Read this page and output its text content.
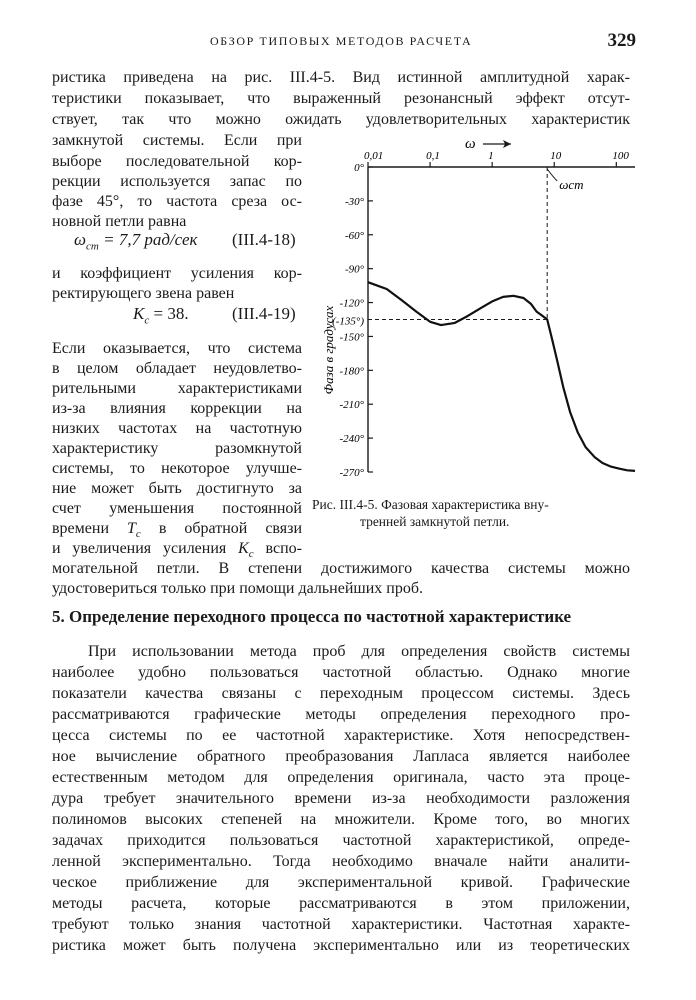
ОБЗОР ТИПОВЫХ МЕТОДОВ РАСЧЕТА	329
ристика приведена на рис. III.4-5. Вид истинной амплитудной харак-
теристики показывает, что выраженный резонансный эффект отсут-
ствует, так что можно ожидать удовлетворительных характеристик
замкнутой системы. Если при
выборе последовательной кор-
рекции используется запас по
фазе 45°, то частота среза ос-
новной петли равна
$\omega_{cm} = 7,7$ рад/сек (III.4-18)
и коэффициент усиления кор-
ректирующего звена равен
$K_c = 38$.	(III.4-19)
Если оказывается, что система
в целом обладает неудовлетво-
рительными характеристиками
из-за влияния коррекции на
низких частотах на частотную
характеристику разомкнутой
системы, то некоторое улучше-
ние может быть достигнуто за
счет уменьшения постоянной
времени $T_c$ в обратной связи
и увеличения усиления $K_c$ вспо-
0,01	0,1	1	10	100
0°
-30°
-60°
-90°
-120°
-150°
-180°
-210°
-240°
-270°
ω
Фаза в градусах
(-135°)
ωcm
Рис. III.4-5. Фазовая характеристика вну-
тренней замкнутой петли.
могательной петли. В степени достижимого качества системы можно
удостовериться только при помощи дальнейших проб.
5. Определение переходного процесса по частотной характеристике
При использовании метода проб для определения свойств системы
наиболее удобно пользоваться частотной областью. Однако многие
показатели качества связаны с переходным процессом системы. Здесь
рассматриваются графические методы определения переходного про-
цесса системы по ее частотной характеристике. Хотя непосредствен-
ное вычисление обратного преобразования Лапласа является наиболее
естественным методом для определения оригинала, часто эта проце-
дура требует значительного времени из-за необходимости разложения
полиномов высоких степеней на множители. Кроме того, во многих
задачах приходится пользоваться частотной характеристикой, опреде-
ленной экспериментально. Тогда необходимо вначале найти аналити-
ческое приближение для экспериментальной кривой. Графические
методы расчета, которые рассматриваются в этом приложении,
требуют только знания частотной характеристики. Частотная характе-
ристика может быть получена экспериментально или из теоретических
